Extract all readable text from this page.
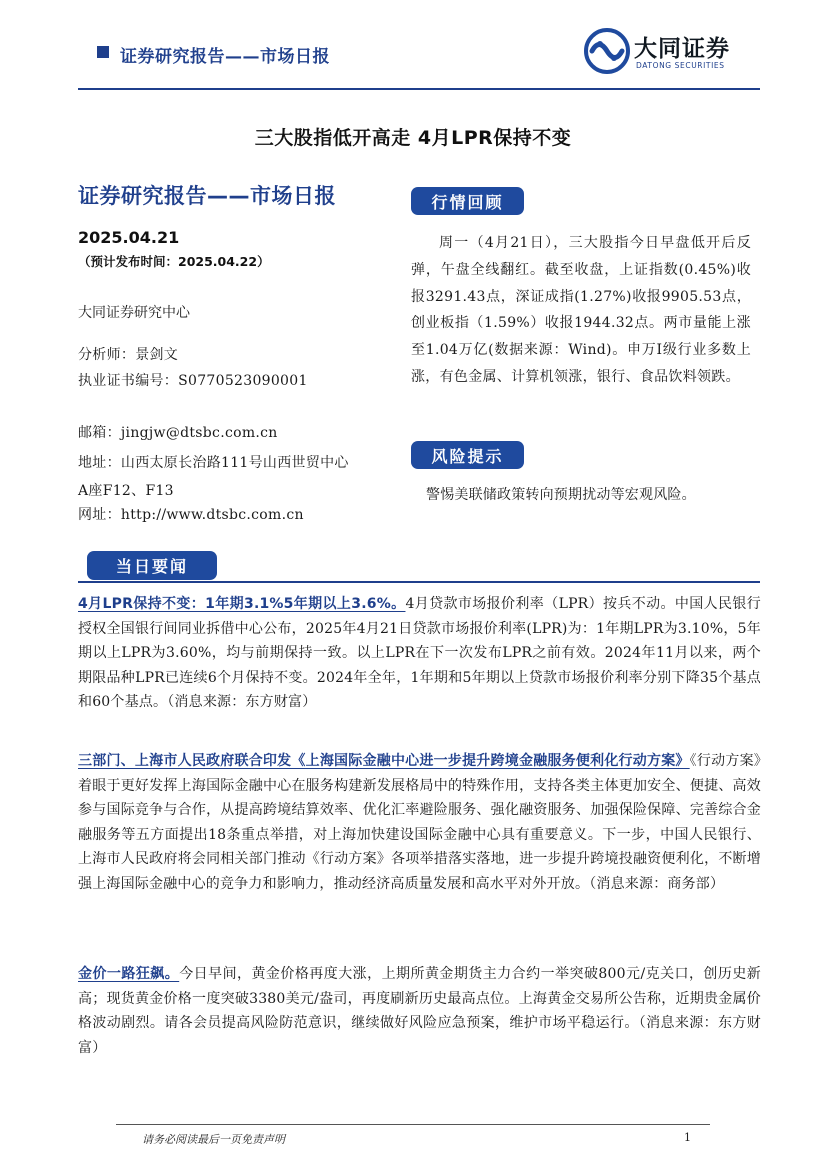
证券研究报告——市场日报	大同证券
DATONG SECURITIES
三大股指低开高走 4月LPR保持不变
证券研究报告——市场日报
2025.04.21
（预计发布时间：2025.04.22）
大同证券研究中心
分析师：景剑文
执业证书编号：S0770523090001
邮箱：jingjw@dtsbc.com.cn
地址：山西太原长治路111号山西世贸中心
A座F12、F13
网址：http://www.dtsbc.com.cn
行情回顾
周一（4月21日），三大股指今日早盘低开后反弹，午盘全线翻红。截至收盘，上证指数(0.45%)收报3291.43点，深证成指(1.27%)收报9905.53点，创业板指（1.59%）收报1944.32点。两市量能上涨至1.04万亿(数据来源：Wind)。申万Ⅰ级行业多数上涨，有色金属、计算机领涨，银行、食品饮料领跌。
风险提示
警惕美联储政策转向预期扰动等宏观风险。
当日要闻
4月LPR保持不变：1年期3.1%5年期以上3.6%。4月贷款市场报价利率（LPR）按兵不动。中国人民银行授权全国银行间同业拆借中心公布，2025年4月21日贷款市场报价利率(LPR)为：1年期LPR为3.10%，5年期以上LPR为3.60%，均与前期保持一致。以上LPR在下一次发布LPR之前有效。2024年11月以来，两个期限品种LPR已连续6个月保持不变。2024年全年，1年期和5年期以上贷款市场报价利率分别下降35个基点和60个基点。（消息来源：东方财富）
三部门、上海市人民政府联合印发《上海国际金融中心进一步提升跨境金融服务便利化行动方案》《行动方案》着眼于更好发挥上海国际金融中心在服务构建新发展格局中的特殊作用，支持各类主体更加安全、便捷、高效参与国际竞争与合作，从提高跨境结算效率、优化汇率避险服务、强化融资服务、加强保险保障、完善综合金融服务等五方面提出18条重点举措，对上海加快建设国际金融中心具有重要意义。下一步，中国人民银行、上海市人民政府将会同相关部门推动《行动方案》各项举措落实落地，进一步提升跨境投融资便利化，不断增强上海国际金融中心的竞争力和影响力，推动经济高质量发展和高水平对外开放。（消息来源：商务部）
金价一路狂飙。今日早间，黄金价格再度大涨，上期所黄金期货主力合约一举突破800元/克关口，创历史新高；现货黄金价格一度突破3380美元/盎司，再度刷新历史最高点位。上海黄金交易所公告称，近期贵金属价格波动剧烈。请各会员提高风险防范意识，继续做好风险应急预案，维护市场平稳运行。（消息来源：东方财富）
请务必阅读最后一页免责声明	1
